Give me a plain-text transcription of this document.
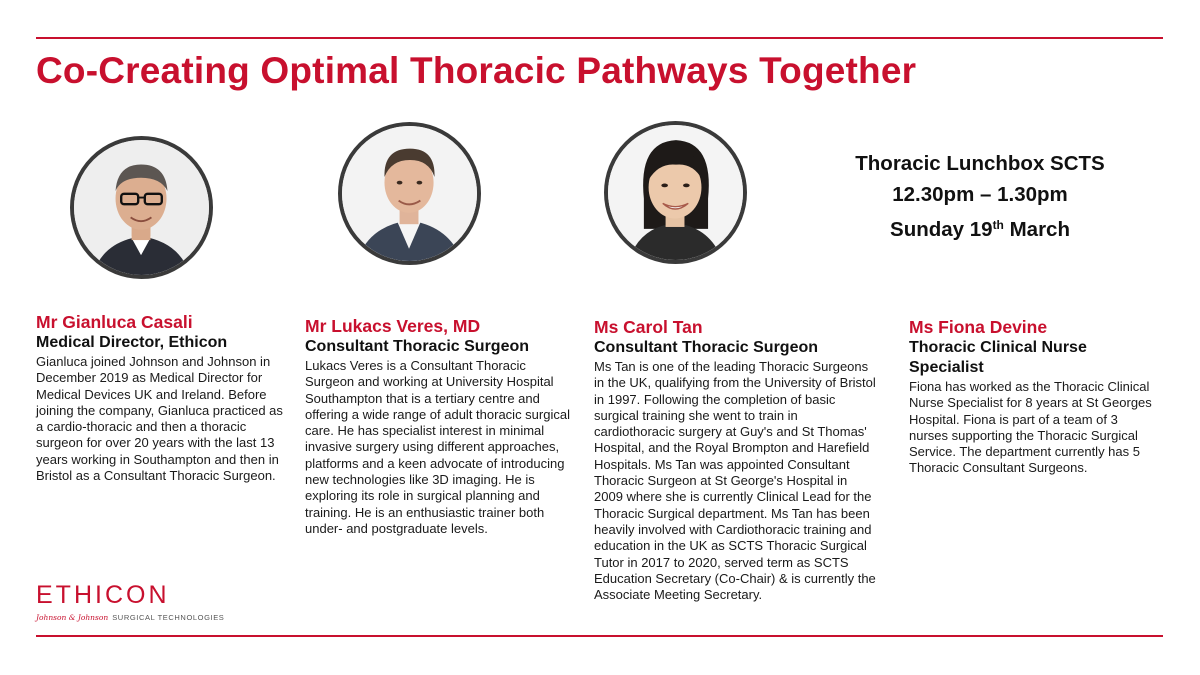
Co-Creating Optimal Thoracic Pathways Together
Thoracic Lunchbox SCTS
12.30pm – 1.30pm
Sunday 19th March
Mr Gianluca Casali
Medical Director, Ethicon
Gianluca joined Johnson and Johnson in December 2019 as Medical Director for Medical Devices UK and Ireland. Before joining the company, Gianluca practiced as a cardio-thoracic and then a thoracic surgeon for over 20 years with the last 13 years working in Southampton and then in Bristol as a Consultant Thoracic Surgeon.
Mr Lukacs Veres, MD
Consultant Thoracic Surgeon
Lukacs Veres is a Consultant Thoracic Surgeon and working at University Hospital Southampton that is a tertiary centre and offering a wide range of adult thoracic surgical care. He has specialist interest in minimal invasive surgery using different approaches, platforms and a keen advocate of introducing new technologies like 3D imaging. He is exploring its role in surgical planning and training. He is an enthusiastic trainer both under- and postgraduate levels.
Ms Carol Tan
Consultant Thoracic Surgeon
Ms Tan is one of the leading Thoracic Surgeons in the UK, qualifying from the University of Bristol in 1997. Following the completion of basic surgical training she went to train in cardiothoracic surgery at Guy's and St Thomas' Hospital, and the Royal Brompton and Harefield Hospitals. Ms Tan was appointed Consultant Thoracic Surgeon at St George's Hospital in 2009 where she is currently Clinical Lead for the Thoracic Surgical department. Ms Tan has been heavily involved with Cardiothoracic training and education in the UK as SCTS Thoracic Surgical Tutor in 2017 to 2020, served term as SCTS Education Secretary (Co-Chair) & is currently the Associate Meeting Secretary.
Ms Fiona Devine
Thoracic Clinical Nurse Specialist
Fiona has worked as the Thoracic Clinical Nurse Specialist for 8 years at St Georges Hospital. Fiona is part of a team of 3 nurses supporting the Thoracic Surgical Service. The department currently has 5 Thoracic Consultant Surgeons.
ETHICON
Johnson & Johnson SURGICAL TECHNOLOGIES
